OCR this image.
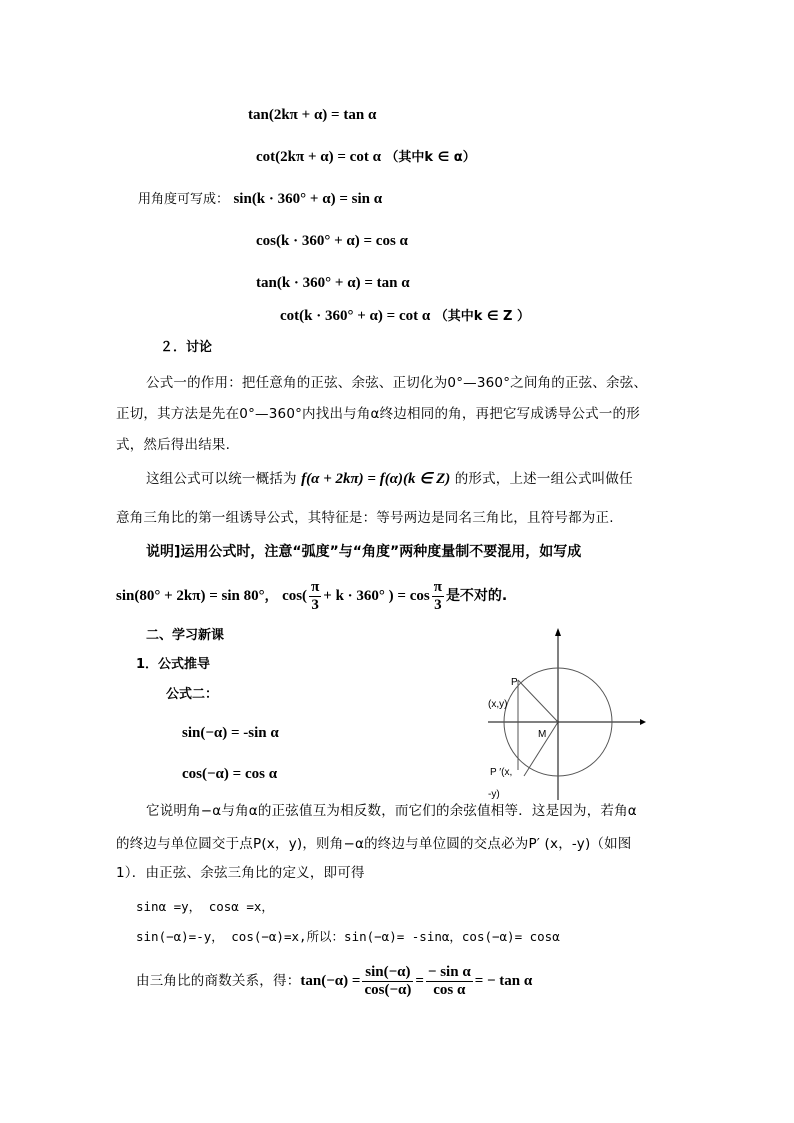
tan(2kπ + α) = tan α
cot(2kπ + α) = cot α （其中k ∈ α）
用角度可写成： sin(k · 360° + α) = sin α
cos(k · 360° + α) = cos α
tan(k · 360° + α) = tan α
cot(k · 360° + α) = cot α （其中k ∈ Z ）
２．讨论
公式一的作用：把任意角的正弦、余弦、正切化为0°—360°之间角的正弦、余弦、
正切，其方法是先在0°—360°内找出与角α终边相同的角，再把它写成诱导公式一的形
式，然后得出结果.
这组公式可以统一概括为 f(α + 2kπ) = f(α)(k ∈ Z) 的形式，上述一组公式叫做任
意角三角比的第一组诱导公式，其特征是：等号两边是同名三角比，且符号都为正.
说明]运用公式时，注意“弧度”与“角度”两种度量制不要混用，如写成
sin(80° + 2kπ) = sin 80°， $\cos( \frac{\pi}{3} + k \cdot 360^\circ$ ) = $\cos \frac{\pi}{3}$ 是不对的.
二、学习新课
1．公式推导
公式二：
sin(−α) = -sin α
cos(−α) = cos α
P
(x,y)
M
P ′(x,
-y)
它说明角−α与角α的正弦值互为相反数，而它们的余弦值相等．这是因为，若角α
的终边与单位圆交于点P(x，y)，则角−α的终边与单位圆的交点必为P′ (x，-y)（如图
1）．由正弦、余弦三角比的定义，即可得
sinα =y， cosα =x，
sin(−α)=-y， cos(−α)=x,所以：sin(−α)= -sinα，cos(−α)= cosα
由三角比的商数关系，得：$\tan(-\alpha) = \frac{\sin(-\alpha)}{\cos(-\alpha)} = \frac{\text{− sin α}}{\text{cos α}}$ = − tan α
